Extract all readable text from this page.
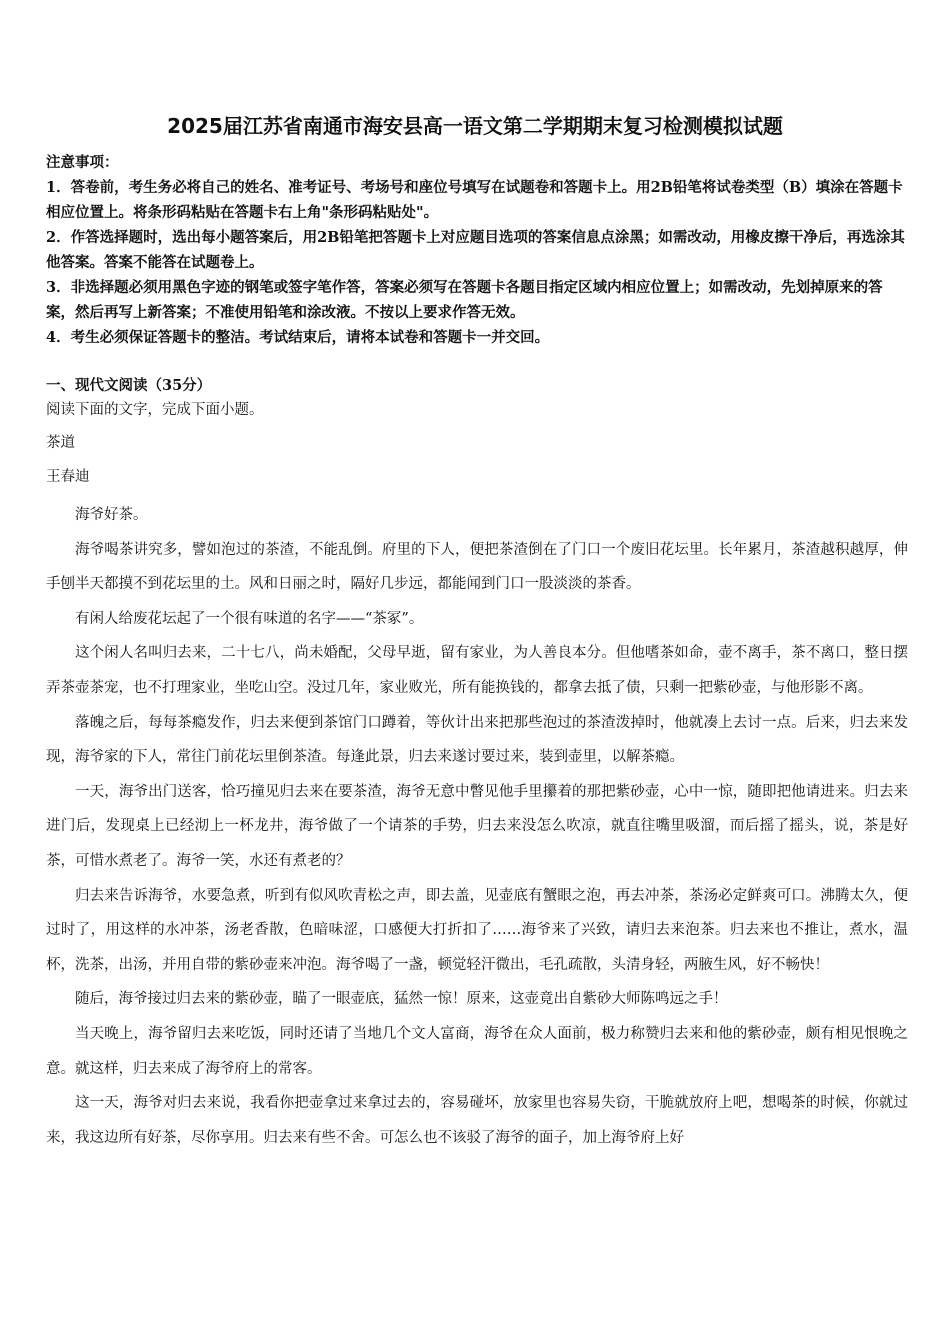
2025届江苏省南通市海安县高一语文第二学期期末复习检测模拟试题

注意事项：

1．答卷前，考生务必将自己的姓名、准考证号、考场号和座位号填写在试题卷和答题卡上。用2B铅笔将试卷类型（B）填涂在答题卡相应位置上。将条形码粘贴在答题卡右上角"条形码粘贴处"。

2．作答选择题时，选出每小题答案后，用2B铅笔把答题卡上对应题目选项的答案信息点涂黑；如需改动，用橡皮擦干净后，再选涂其他答案。答案不能答在试题卷上。

3．非选择题必须用黑色字迹的钢笔或签字笔作答，答案必须写在答题卡各题目指定区域内相应位置上；如需改动，先划掉原来的答案，然后再写上新答案；不准使用铅笔和涂改液。不按以上要求作答无效。

4．考生必须保证答题卡的整洁。考试结束后，请将本试卷和答题卡一并交回。

一、现代文阅读（35分）

阅读下面的文字，完成下面小题。

茶道

王春迪

海爷好茶。

海爷喝茶讲究多，譬如泡过的茶渣，不能乱倒。府里的下人，便把茶渣倒在了门口一个废旧花坛里。长年累月，茶渣越积越厚，伸手刨半天都摸不到花坛里的土。风和日丽之时，隔好几步远，都能闻到门口一股淡淡的茶香。

有闲人给废花坛起了一个很有味道的名字——“茶冢”。

这个闲人名叫归去来，二十七八，尚未婚配，父母早逝，留有家业，为人善良本分。但他嗜茶如命，壶不离手，茶不离口，整日摆弄茶壶茶宠，也不打理家业，坐吃山空。没过几年，家业败光，所有能换钱的，都拿去抵了债，只剩一把紫砂壶，与他形影不离。

落魄之后，每每茶瘾发作，归去来便到茶馆门口蹲着，等伙计出来把那些泡过的茶渣泼掉时，他就凑上去讨一点。后来，归去来发现，海爷家的下人，常往门前花坛里倒茶渣。每逢此景，归去来遂讨要过来，装到壶里，以解茶瘾。

一天，海爷出门送客，恰巧撞见归去来在要茶渣，海爷无意中瞥见他手里攥着的那把紫砂壶，心中一惊，随即把他请进来。归去来进门后，发现桌上已经沏上一杯龙井，海爷做了一个请茶的手势，归去来没怎么吹凉，就直往嘴里吸溜，而后摇了摇头，说，茶是好茶，可惜水煮老了。海爷一笑，水还有煮老的？

归去来告诉海爷，水要急煮，听到有似风吹青松之声，即去盖，见壶底有蟹眼之泡，再去冲茶，茶汤必定鲜爽可口。沸腾太久，便过时了，用这样的水冲茶，汤老香散，色暗味涩，口感便大打折扣了……海爷来了兴致，请归去来泡茶。归去来也不推让，煮水，温杯，洗茶，出汤，并用自带的紫砂壶来冲泡。海爷喝了一盏，顿觉轻汗微出，毛孔疏散，头清身轻，两腋生风，好不畅快！

随后，海爷接过归去来的紫砂壶，瞄了一眼壶底，猛然一惊！原来，这壶竟出自紫砂大师陈鸣远之手！

当天晚上，海爷留归去来吃饭，同时还请了当地几个文人富商，海爷在众人面前，极力称赞归去来和他的紫砂壶，颇有相见恨晚之意。就这样，归去来成了海爷府上的常客。

这一天，海爷对归去来说，我看你把壶拿过来拿过去的，容易碰坏，放家里也容易失窃，干脆就放府上吧，想喝茶的时候，你就过来，我这边所有好茶，尽你享用。归去来有些不舍。可怎么也不该驳了海爷的面子，加上海爷府上好
